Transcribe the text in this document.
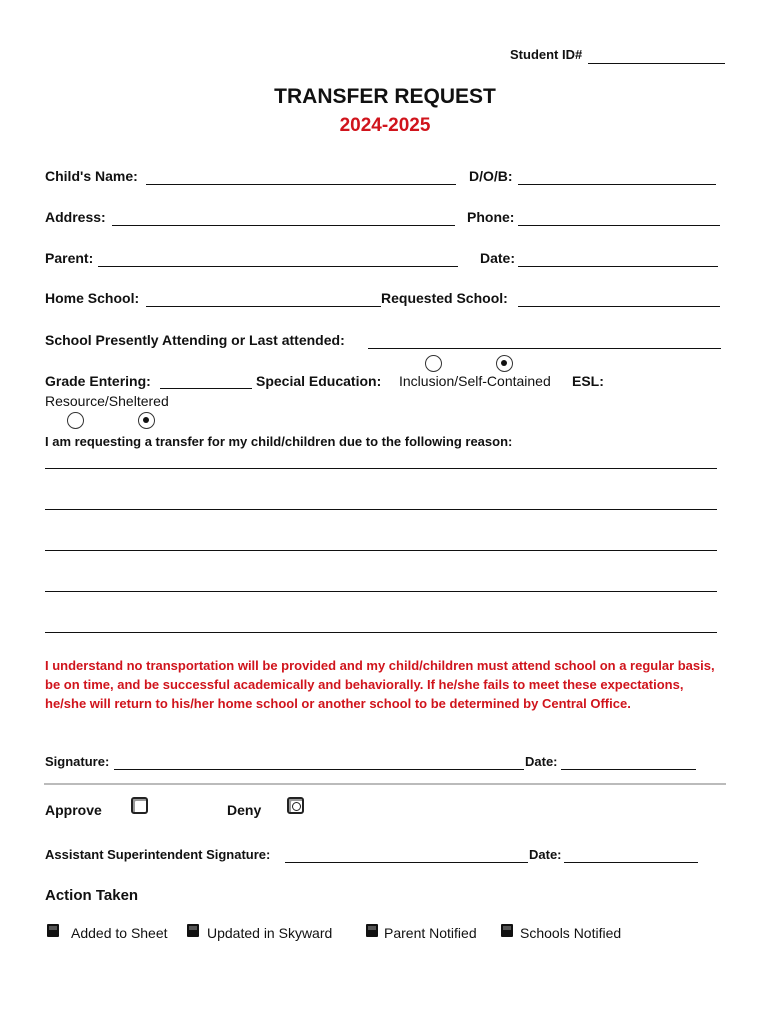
Student ID#
TRANSFER REQUEST
2024-2025
Child's Name:	D/O/B:
Address:	Phone:
Parent:	Date:
Home School:	Requested School:
School Presently Attending or Last attended:
Grade Entering:	Special Education: Inclusion/Self-Contained ESL:
Resource/Sheltered
I am requesting a transfer for my child/children due to the following reason:
I understand no transportation will be provided and my child/children must attend school on a regular basis, be on time, and be successful academically and behaviorally. If he/she fails to meet these expectations, he/she will return to his/her home school or another school to be determined by Central Office.
Signature:	Date:
Approve	Deny
Assistant Superintendent Signature:	Date:
Action Taken
Added to Sheet	Updated in Skyward	Parent Notified	Schools Notified
